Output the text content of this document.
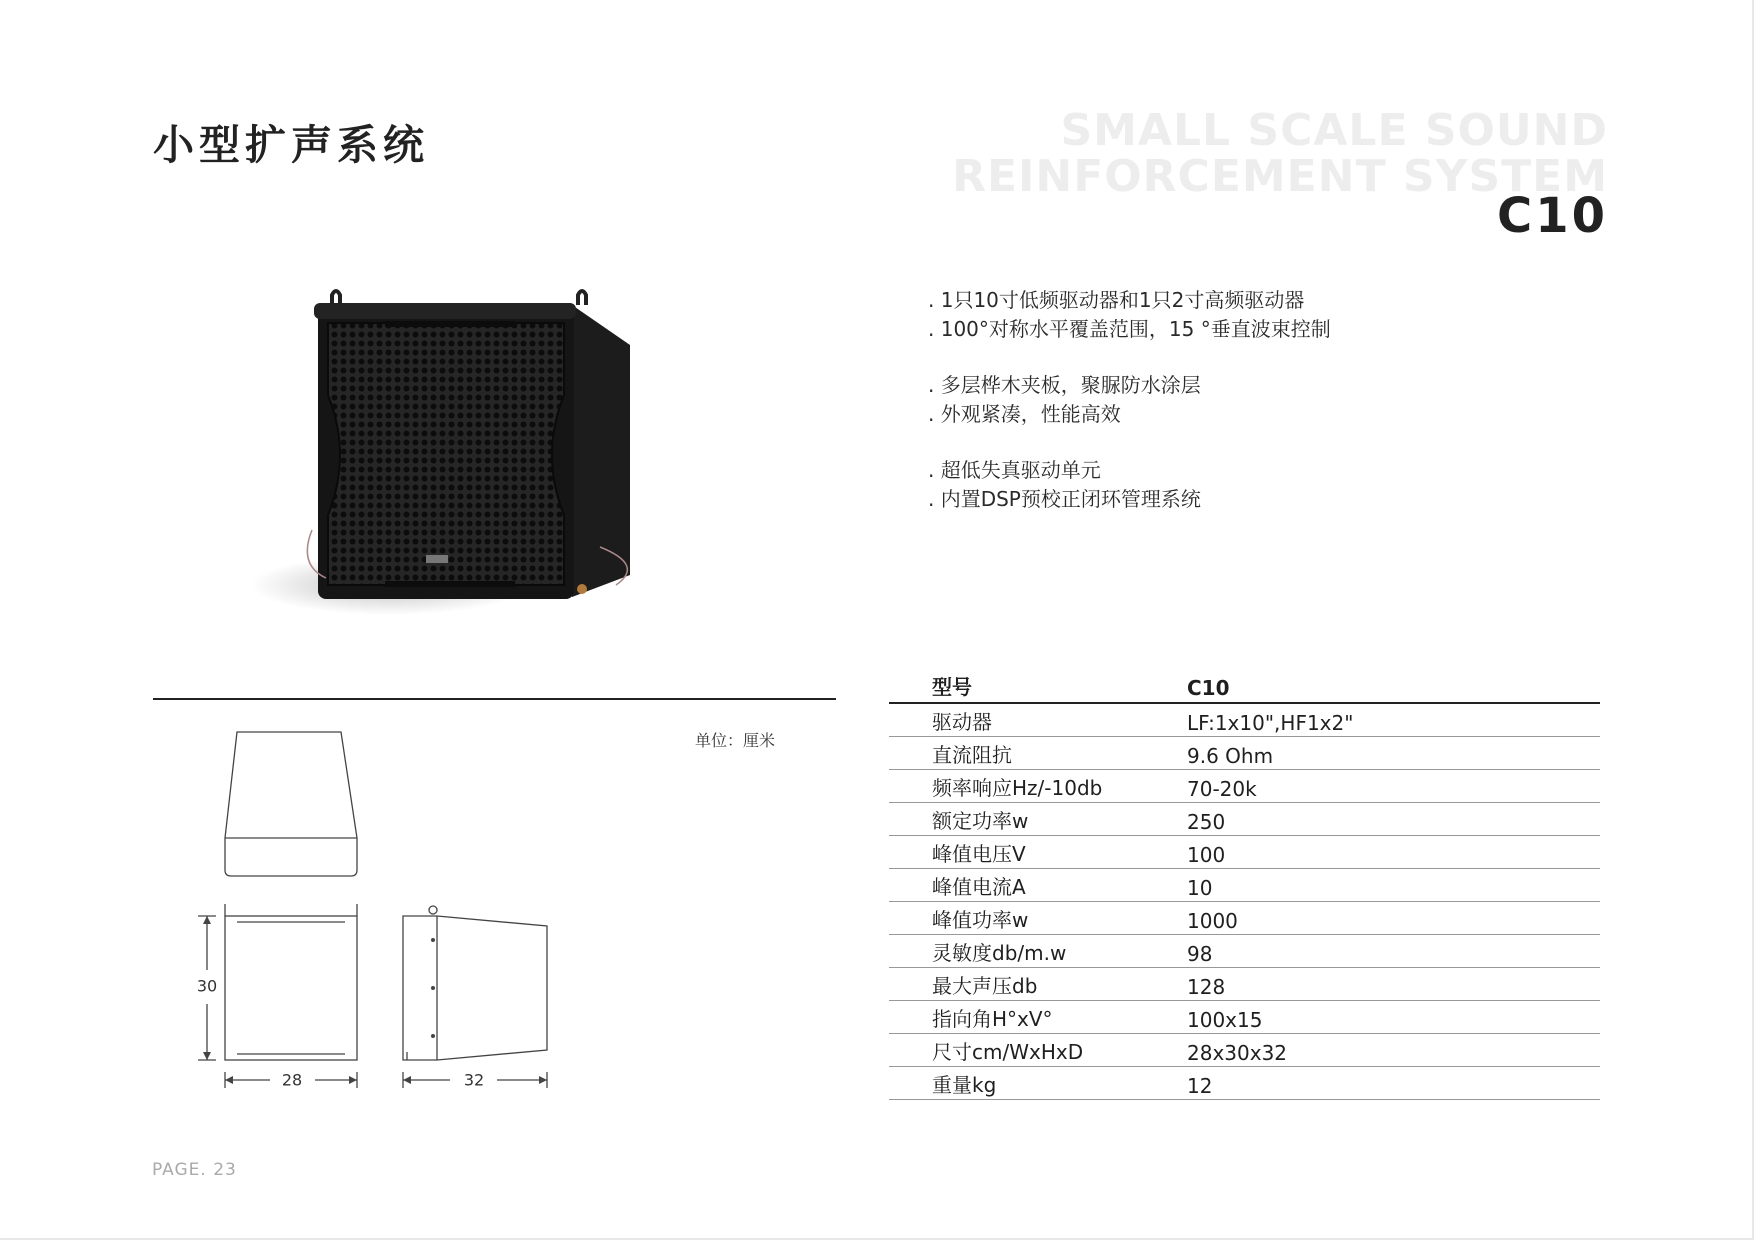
小型扩声系统	SMALL SCALE SOUND
REINFORCEMENT SYSTEM
C10
. 1只10寸低频驱动器和1只2寸高频驱动器
. 100°对称水平覆盖范围，15 °垂直波束控制
. 多层桦木夹板，聚脲防水涂层
. 外观紧凑，性能高效
. 超低失真驱动单元
. 内置DSP预校正闭环管理系统
单位：厘米
30
28	32
型号	C10
驱动器	LF:1x10",HF1x2"
直流阻抗	9.6 Ohm
频率响应Hz/-10db	70-20k
额定功率w	250
峰值电压V	100
峰值电流A	10
峰值功率w	1000
灵敏度db/m.w	98
最大声压db	128
指向角H°xV°	100x15
尺寸cm/WxHxD	28x30x32
重量kg	12
PAGE. 23
